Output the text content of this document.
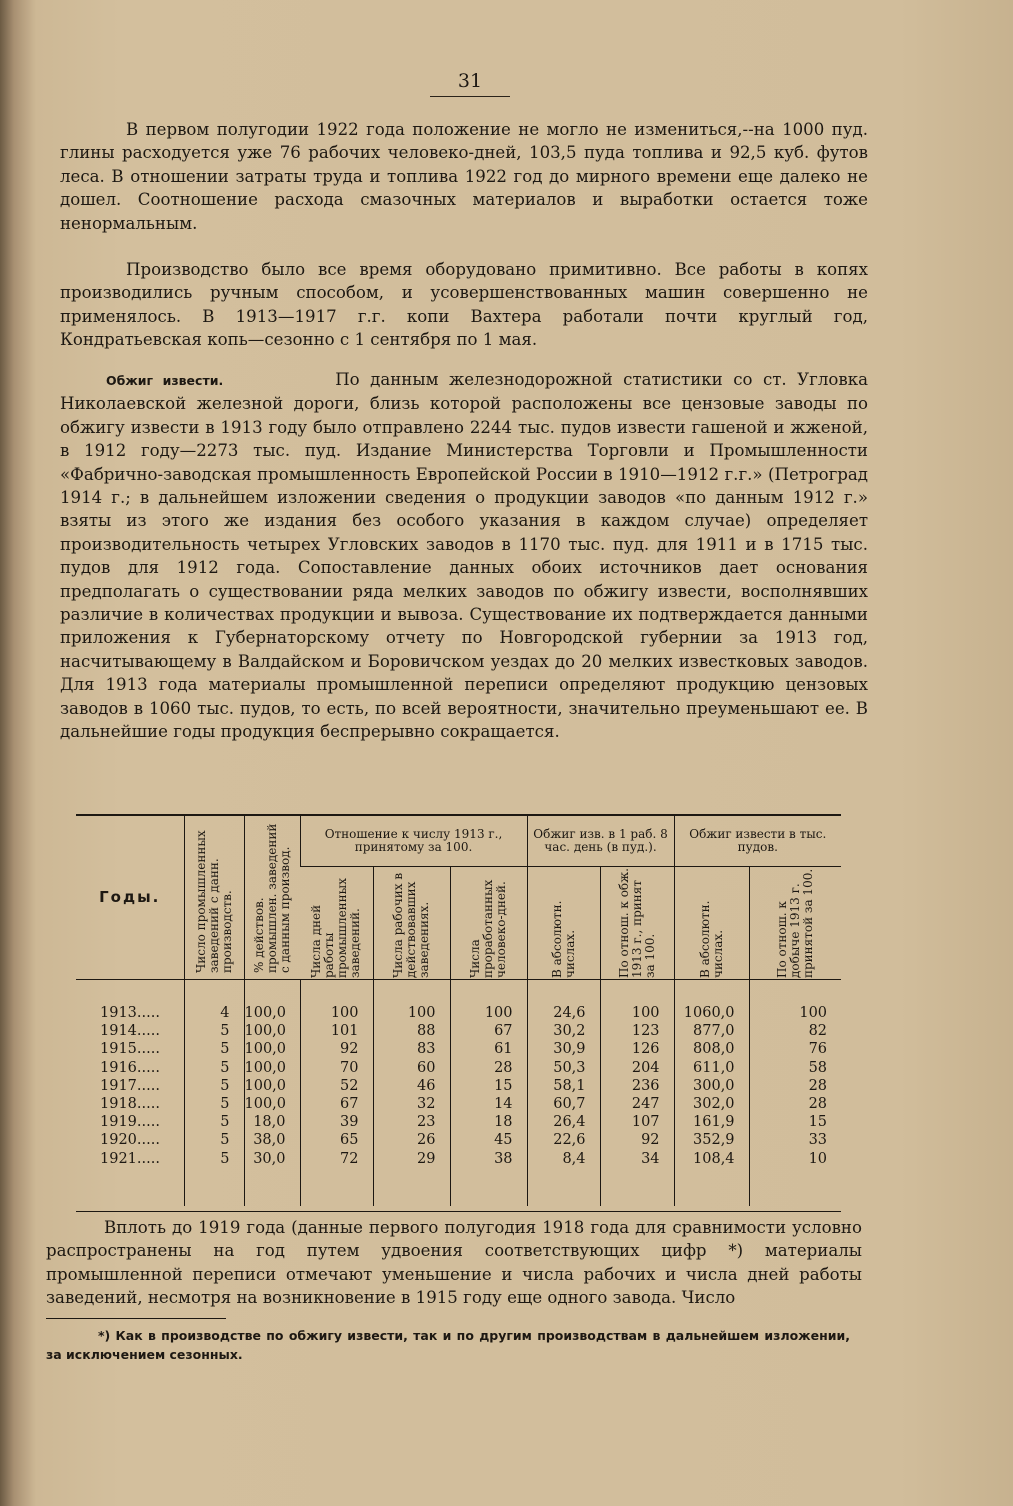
31

В первом полугодии 1922 года положение не могло не измениться,--на 1000 пуд. глины расходуется уже 76 рабочих человеко-дней, 103,5 пуда топлива и 92,5 куб. футов леса. В отношении затраты труда и топлива 1922 год до мирного времени еще далеко не дошел. Соотношение расхода смазочных материалов и выработки остается тоже ненормальным.

Производство было все время оборудовано примитивно. Все работы в копях производились ручным способом, и усовершенствованных машин совершенно не применялось. В 1913—1917 г.г. копи Вахтера работали почти круглый год, Кондратьевская копь—сезонно с 1 сентября по 1 мая.

Обжиг извести.	По данным железнодорожной статистики со ст. Угловка Николаевской железной дороги, близь которой расположены все цензовые заводы по обжигу извести в 1913 году было отправлено 2244 тыс. пудов извести гашеной и жженой, в 1912 году—2273 тыс. пуд. Издание Министерства Торговли и Промышленности «Фабрично-заводская промышленность Европейской России в 1910—1912 г.г.» (Петроград 1914 г.; в дальнейшем изложении сведения о продукции заводов «по данным 1912 г.» взяты из этого же издания без особого указания в каждом случае) определяет производительность четырех Угловских заводов в 1170 тыс. пуд. для 1911 и в 1715 тыс. пудов для 1912 года. Сопоставление данных обоих источников дает основания предполагать о существовании ряда мелких заводов по обжигу извести, восполнявших различие в количествах продукции и вывоза. Существование их подтверждается данными приложения к Губернаторскому отчету по Новгородской губернии за 1913 год, насчитывающему в Валдайском и Боровичском уездах до 20 мелких известковых заводов. Для 1913 года материалы промышленной переписи определяют продукцию цензовых заводов в 1060 тыс. пудов, то есть, по всей вероятности, значительно преуменьшают ее. В дальнейшие годы продукция беспрерывно сокращается.

Годы.	Число промышленных заведений с данн. производств.	% действов. промышлен. заведений с данным производ.	Отношение к числу 1913 г., принятому за 100.			Обжиг изв. в 1 раб. 8 час. день (в пуд.).		Обжиг извести в тыс. пудов.	

			Числа дней работы промышленных заведений.	Числа рабочих в действовавших заведениях.	Числа проработанных человеко-дней.	В абсолютн. числах.	По отнош. к обж. 1913 г., принят за 100.	В абсолютн. числах.	По отнош. к добыче 1913 г. принятой за 100.

1913.....	4	100,0	100	100	100	24,6	100	1060,0	100
1914.....	5	100,0	101	88	67	30,2	123	877,0	82
1915.....	5	100,0	92	83	61	30,9	126	808,0	76
1916.....	5	100,0	70	60	28	50,3	204	611,0	58
1917.....	5	100,0	52	46	15	58,1	236	300,0	28
1918.....	5	100,0	67	32	14	60,7	247	302,0	28
1919.....	5	18,0	39	23	18	26,4	107	161,9	15
1920.....	5	38,0	65	26	45	22,6	92	352,9	33
1921.....	5	30,0	72	29	38	8,4	34	108,4	10

Вплоть до 1919 года (данные первого полугодия 1918 года для сравнимости условно распространены на год путем удвоения соответствующих цифр *) материалы промышленной переписи отмечают уменьшение и числа рабочих и числа дней работы заведений, несмотря на возникновение в 1915 году еще одного завода. Число

*) Как в производстве по обжигу извести, так и по другим производствам в дальнейшем изложении, за исключением сезонных.
